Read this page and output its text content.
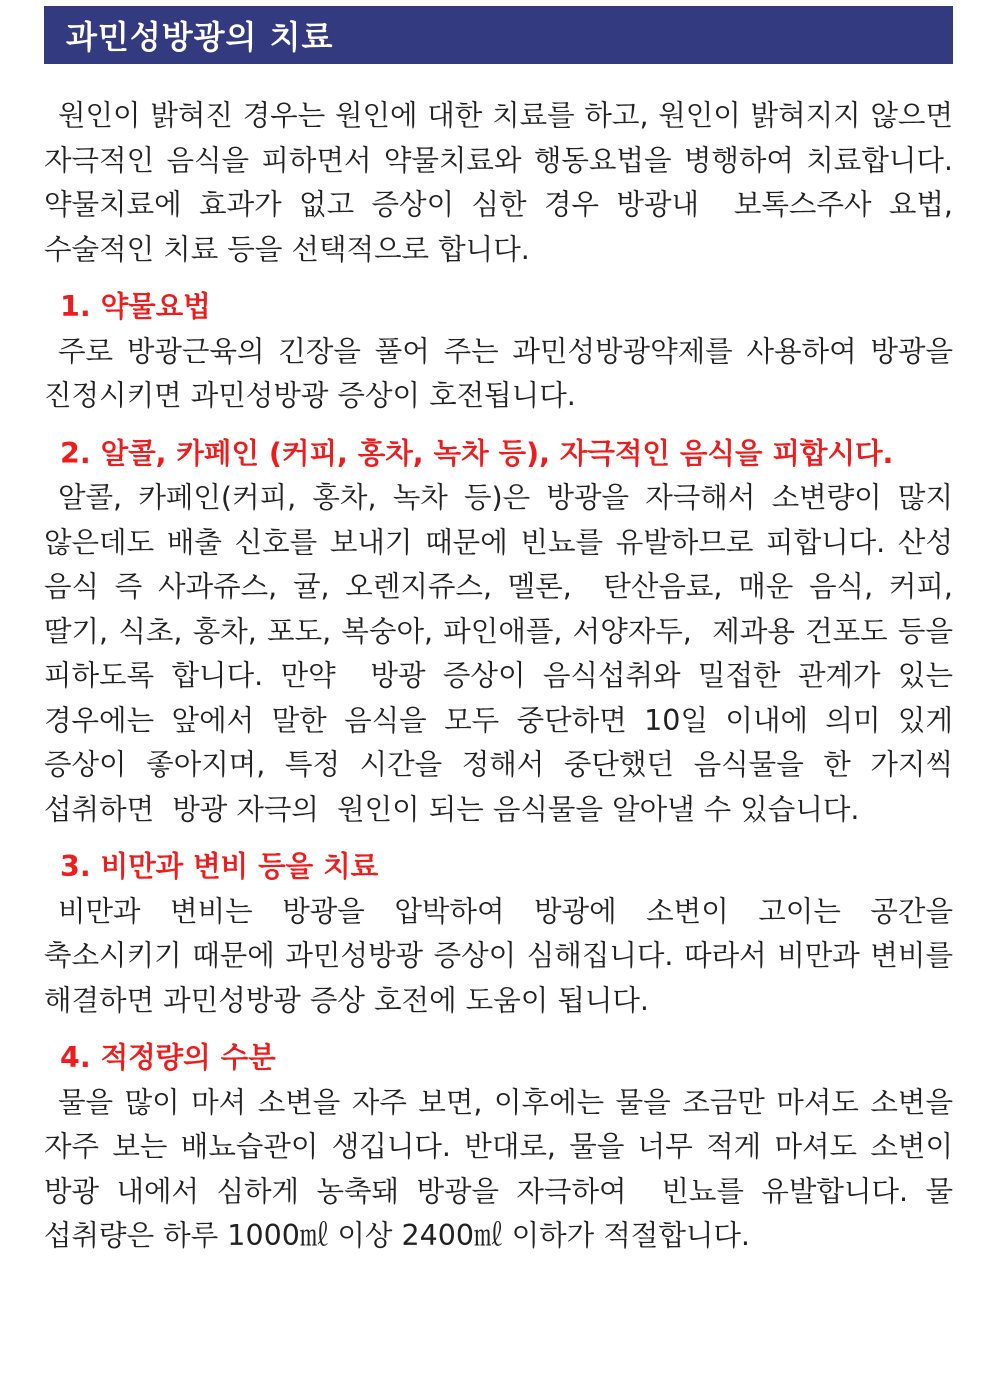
과민성방광의 치료

원인이 밝혀진 경우는 원인에 대한 치료를 하고, 원인이 밝혀지지 않으면 자극적인 음식을 피하면서 약물치료와 행동요법을 병행하여 치료합니다. 약물치료에 효과가 없고 증상이 심한 경우 방광내  보톡스주사 요법, 수술적인 치료 등을 선택적으로 합니다.

1. 약물요법

주로 방광근육의 긴장을 풀어 주는 과민성방광약제를 사용하여 방광을 진정시키면 과민성방광 증상이 호전됩니다.

2. 알콜, 카페인 (커피, 홍차, 녹차 등), 자극적인 음식을 피합시다.

알콜, 카페인(커피, 홍차, 녹차 등)은 방광을 자극해서 소변량이 많지 않은데도 배출 신호를 보내기 때문에 빈뇨를 유발하므로 피합니다. 산성 음식 즉 사과쥬스, 귤, 오렌지쥬스, 멜론,  탄산음료, 매운 음식, 커피, 딸기, 식초, 홍차, 포도, 복숭아, 파인애플, 서양자두,  제과용 건포도 등을 피하도록 합니다. 만약  방광 증상이 음식섭취와 밀접한 관계가 있는 경우에는 앞에서 말한 음식을 모두 중단하면 10일 이내에 의미 있게  증상이 좋아지며, 특정 시간을 정해서 중단했던 음식물을 한 가지씩 섭취하면  방광 자극의  원인이 되는 음식물을 알아낼 수 있습니다.

3. 비만과 변비 등을 치료

비만과 변비는 방광을 압박하여 방광에 소변이 고이는 공간을 축소시키기 때문에 과민성방광 증상이 심해집니다. 따라서 비만과 변비를 해결하면 과민성방광 증상 호전에 도움이 됩니다.

4. 적정량의 수분

물을 많이 마셔 소변을 자주 보면, 이후에는 물을 조금만 마셔도 소변을 자주 보는 배뇨습관이 생깁니다. 반대로, 물을 너무 적게 마셔도 소변이 방광 내에서 심하게 농축돼 방광을 자극하여  빈뇨를 유발합니다. 물 섭취량은 하루 1000㎖ 이상 2400㎖ 이하가 적절합니다.
